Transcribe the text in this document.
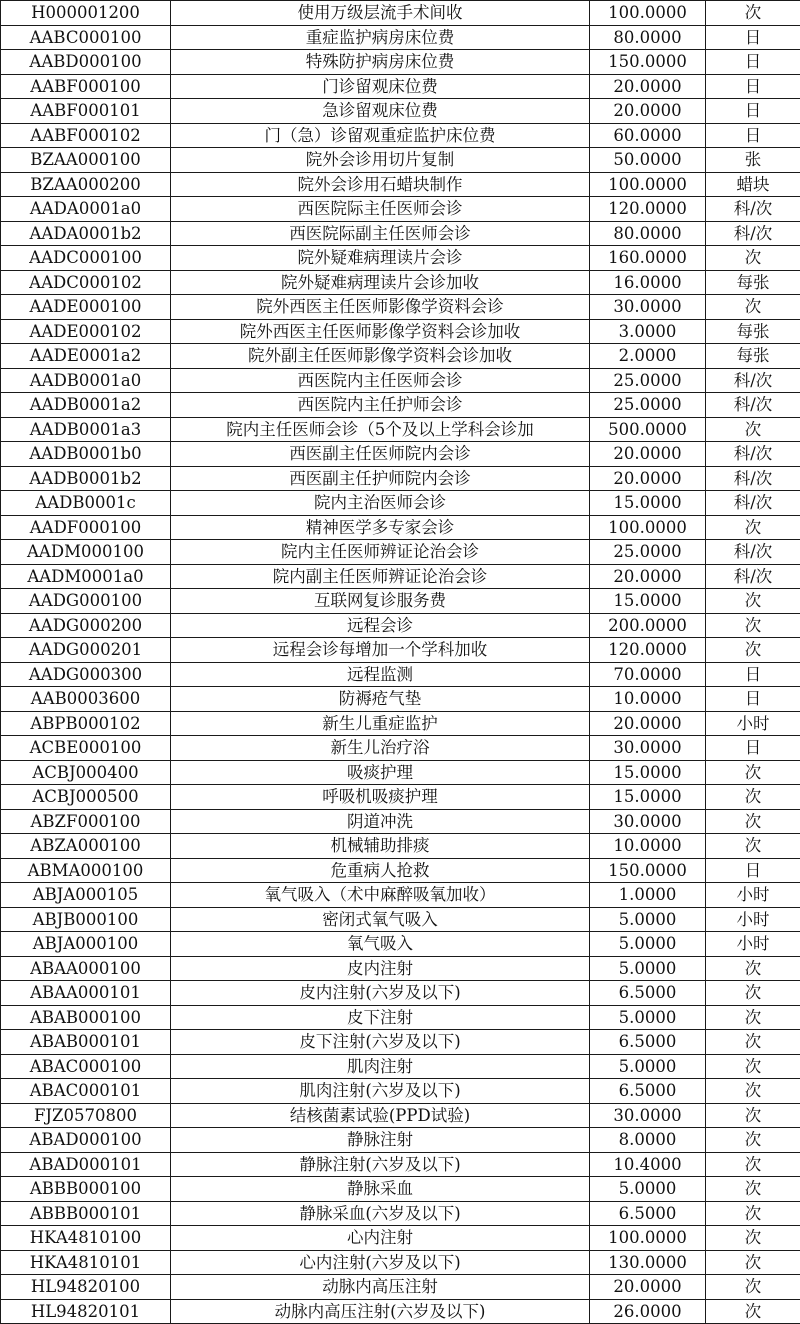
H000001200	使用万级层流手术间收	100.0000	次
AABC000100	重症监护病房床位费	80.0000	日
AABD000100	特殊防护病房床位费	150.0000	日
AABF000100	门诊留观床位费	20.0000	日
AABF000101	急诊留观床位费	20.0000	日
AABF000102	门（急）诊留观重症监护床位费	60.0000	日
BZAA000100	院外会诊用切片复制	50.0000	张
BZAA000200	院外会诊用石蜡块制作	100.0000	蜡块
AADA0001a0	西医院际主任医师会诊	120.0000	科/次
AADA0001b2	西医院际副主任医师会诊	80.0000	科/次
AADC000100	院外疑难病理读片会诊	160.0000	次
AADC000102	院外疑难病理读片会诊加收	16.0000	每张
AADE000100	院外西医主任医师影像学资料会诊	30.0000	次
AADE000102	院外西医主任医师影像学资料会诊加收	3.0000	每张
AADE0001a2	院外副主任医师影像学资料会诊加收	2.0000	每张
AADB0001a0	西医院内主任医师会诊	25.0000	科/次
AADB0001a2	西医院内主任护师会诊	25.0000	科/次
AADB0001a3	院内主任医师会诊（5个及以上学科会诊加	500.0000	次
AADB0001b0	西医副主任医师院内会诊	20.0000	科/次
AADB0001b2	西医副主任护师院内会诊	20.0000	科/次
AADB0001c	院内主治医师会诊	15.0000	科/次
AADF000100	精神医学多专家会诊	100.0000	次
AADM000100	院内主任医师辨证论治会诊	25.0000	科/次
AADM0001a0	院内副主任医师辨证论治会诊	20.0000	科/次
AADG000100	互联网复诊服务费	15.0000	次
AADG000200	远程会诊	200.0000	次
AADG000201	远程会诊每增加一个学科加收	120.0000	次
AADG000300	远程监测	70.0000	日
AAB0003600	防褥疮气垫	10.0000	日
ABPB000102	新生儿重症监护	20.0000	小时
ACBE000100	新生儿治疗浴	30.0000	日
ACBJ000400	吸痰护理	15.0000	次
ACBJ000500	呼吸机吸痰护理	15.0000	次
ABZF000100	阴道冲洗	30.0000	次
ABZA000100	机械辅助排痰	10.0000	次
ABMA000100	危重病人抢救	150.0000	日
ABJA000105	氧气吸入（术中麻醉吸氧加收）	1.0000	小时
ABJB000100	密闭式氧气吸入	5.0000	小时
ABJA000100	氧气吸入	5.0000	小时
ABAA000100	皮内注射	5.0000	次
ABAA000101	皮内注射(六岁及以下)	6.5000	次
ABAB000100	皮下注射	5.0000	次
ABAB000101	皮下注射(六岁及以下)	6.5000	次
ABAC000100	肌肉注射	5.0000	次
ABAC000101	肌肉注射(六岁及以下)	6.5000	次
FJZ0570800	结核菌素试验(PPD试验)	30.0000	次
ABAD000100	静脉注射	8.0000	次
ABAD000101	静脉注射(六岁及以下)	10.4000	次
ABBB000100	静脉采血	5.0000	次
ABBB000101	静脉采血(六岁及以下)	6.5000	次
HKA4810100	心内注射	100.0000	次
HKA4810101	心内注射(六岁及以下)	130.0000	次
HL94820100	动脉内高压注射	20.0000	次
HL94820101	动脉内高压注射(六岁及以下)	26.0000	次
